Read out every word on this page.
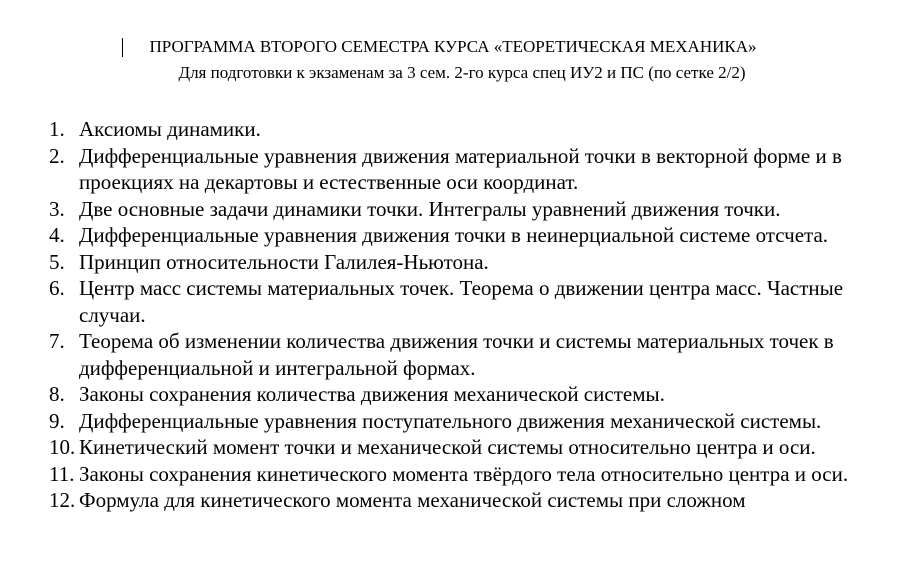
ПРОГРАММА ВТОРОГО СЕМЕСТРА КУРСА «ТЕОРЕТИЧЕСКАЯ МЕХАНИКА»
Для подготовки к экзаменам за 3 сем. 2-го курса спец ИУ2 и ПС (по сетке 2/2)
1. Аксиомы динамики.
2. Дифференциальные уравнения движения материальной точки в векторной форме и в проекциях на декартовы и естественные оси координат.
3. Две основные задачи динамики точки. Интегралы уравнений движения точки.
4. Дифференциальные уравнения движения точки в неинерциальной системе отсчета.
5. Принцип относительности Галилея-Ньютона.
6. Центр масс системы материальных точек. Теорема о движении центра масс. Частные случаи.
7. Теорема об изменении количества движения точки и системы материальных точек в дифференциальной и интегральной формах.
8. Законы сохранения количества движения механической системы.
9. Дифференциальные уравнения поступательного движения механической системы.
10. Кинетический момент точки и механической системы относительно центра и оси.
11. Законы сохранения кинетического момента твёрдого тела относительно центра и оси.
12. Формула для кинетического момента механической системы при сложном
